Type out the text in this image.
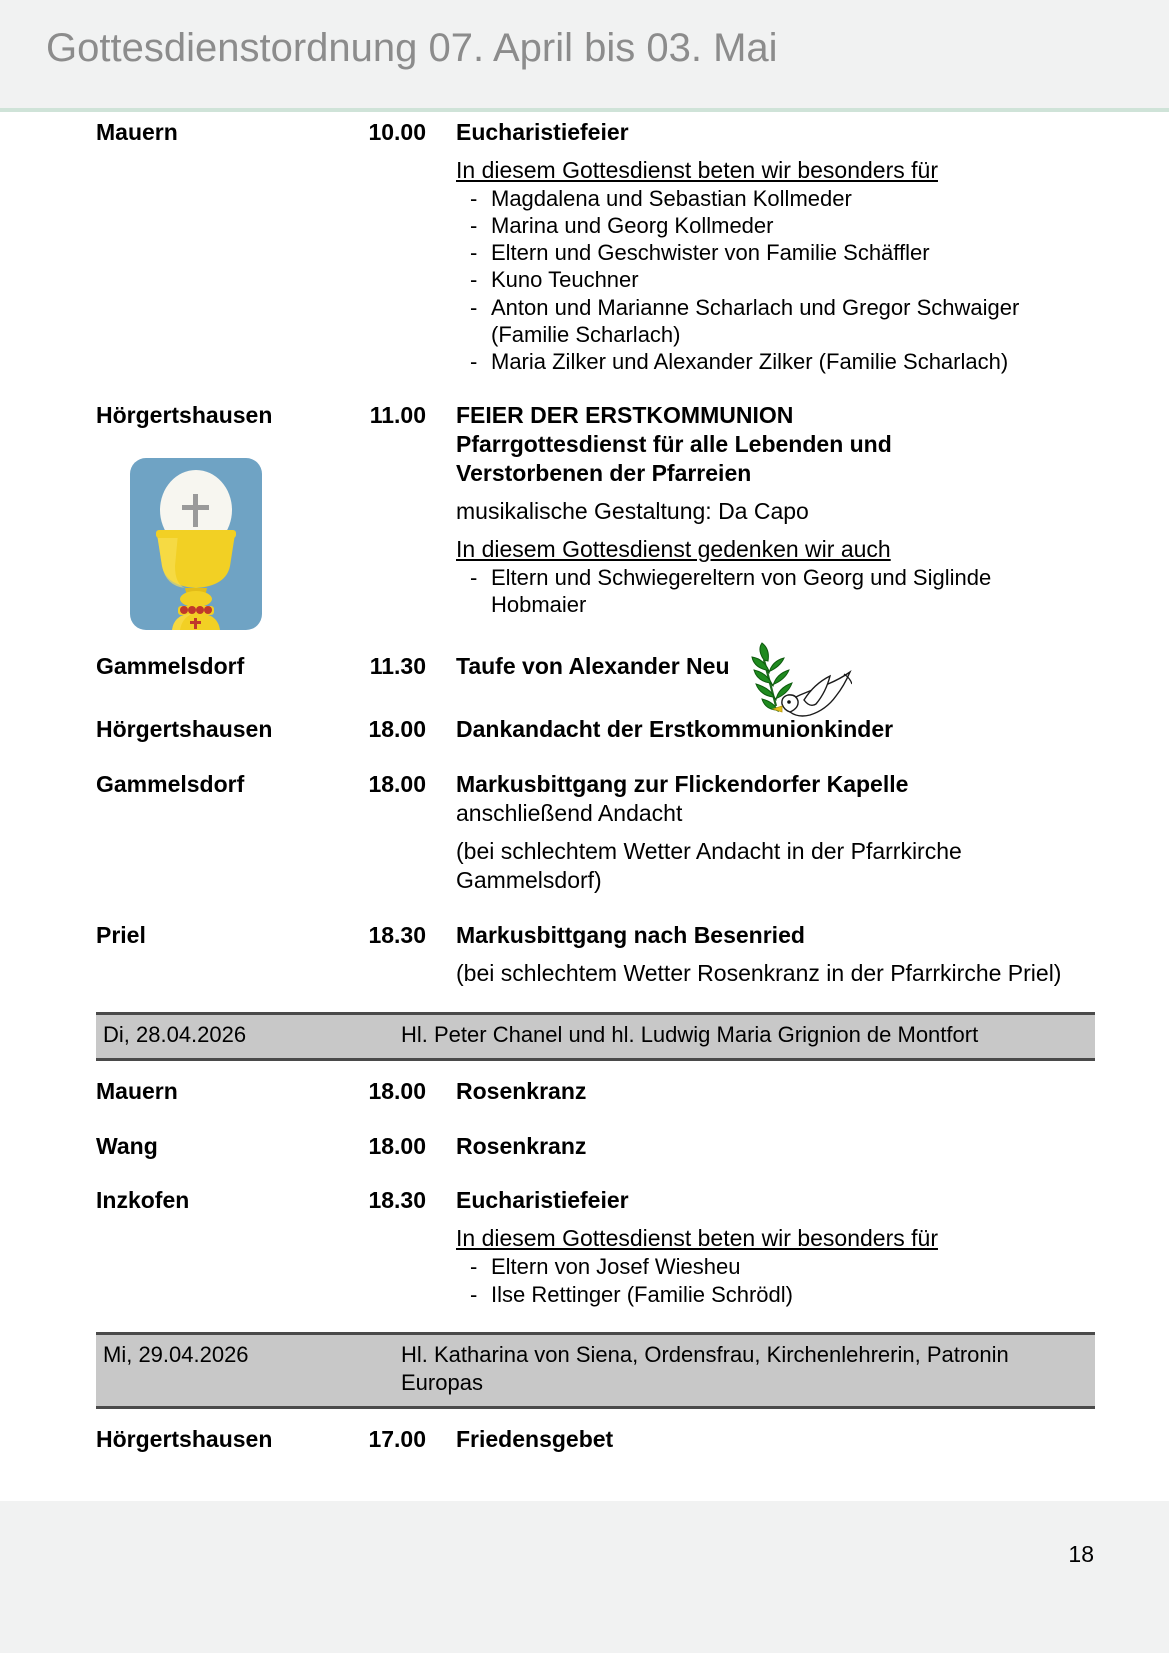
Gottesdienstordnung 07. April bis 03. Mai
Mauern	10.00 Eucharistiefeier
In diesem Gottesdienst beten wir besonders für
- Magdalena und Sebastian Kollmeder
- Marina und Georg Kollmeder
- Eltern und Geschwister von Familie Schäffler
- Kuno Teuchner
- Anton und Marianne Scharlach und Gregor Schwaiger (Familie Scharlach)
- Maria Zilker und Alexander Zilker (Familie Scharlach)
Hörgertshausen	11.00 FEIER DER ERSTKOMMUNION
Pfarrgottesdienst für alle Lebenden und
Verstorbenen der Pfarreien
musikalische Gestaltung: Da Capo
In diesem Gottesdienst gedenken wir auch
- Eltern und Schwiegereltern von Georg und Siglinde Hobmaier
Gammelsdorf	11.30 Taufe von Alexander Neu
Hörgertshausen	18.00 Dankandacht der Erstkommunionkinder
Gammelsdorf	18.00 Markusbittgang zur Flickendorfer Kapelle
anschließend Andacht
(bei schlechtem Wetter Andacht in der Pfarrkirche Gammelsdorf)
Priel	18.30 Markusbittgang nach Besenried
(bei schlechtem Wetter Rosenkranz in der Pfarrkirche Priel)
Di, 28.04.2026	Hl. Peter Chanel und hl. Ludwig Maria Grignion de Montfort
Mauern	18.00 Rosenkranz
Wang	18.00 Rosenkranz
Inzkofen	18.30 Eucharistiefeier
In diesem Gottesdienst beten wir besonders für
- Eltern von Josef Wiesheu
- Ilse Rettinger (Familie Schrödl)
Mi, 29.04.2026	Hl. Katharina von Siena, Ordensfrau, Kirchenlehrerin, Patronin Europas
Hörgertshausen	17.00 Friedensgebet
18
